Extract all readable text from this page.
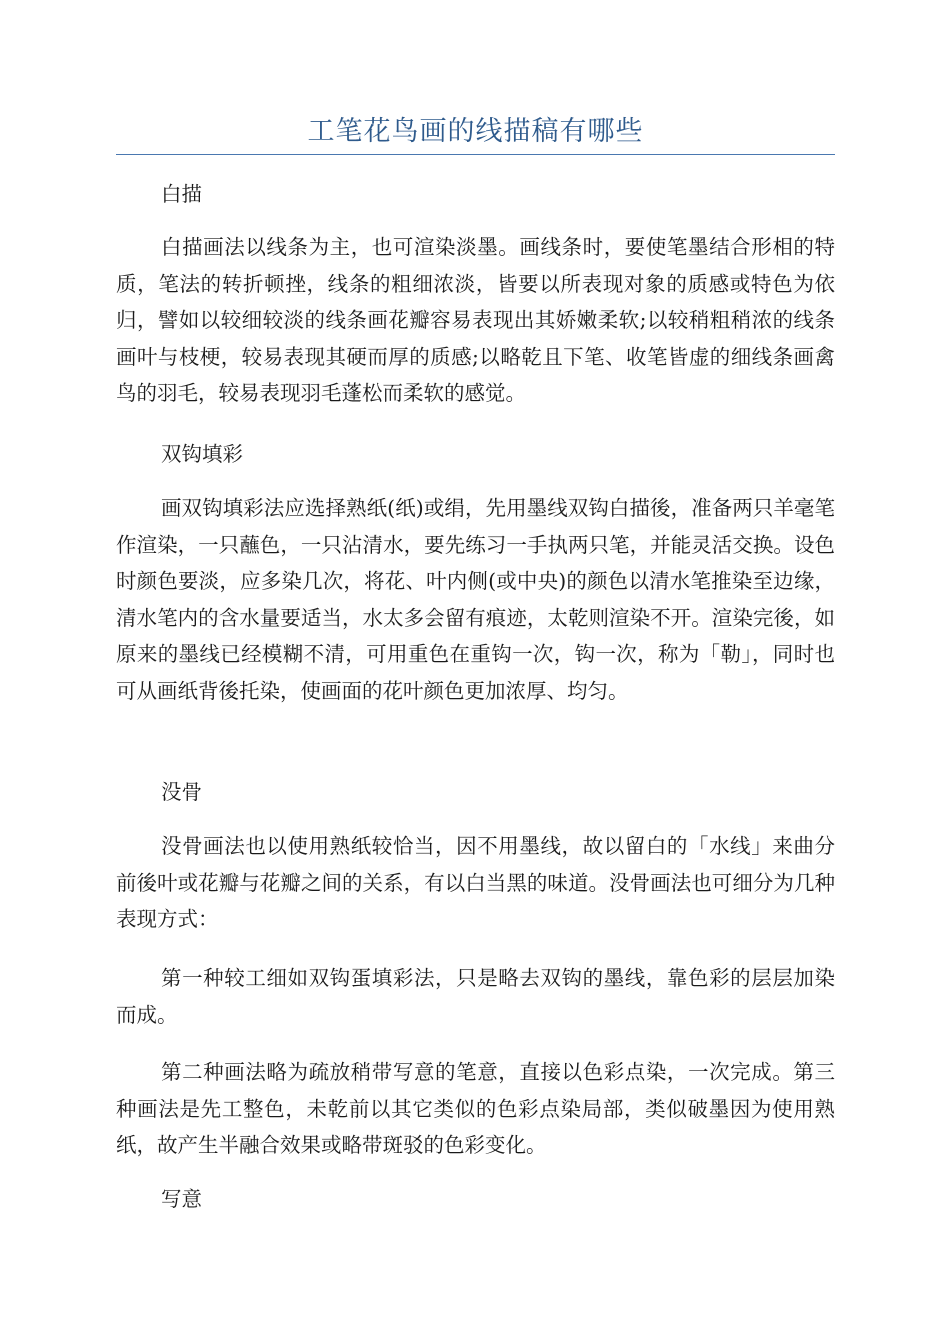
工笔花鸟画的线描稿有哪些
白描
白描画法以线条为主，也可渲染淡墨。画线条时，要使笔墨结合形相的特质，笔法的转折顿挫，线条的粗细浓淡，皆要以所表现对象的质感或特色为依归，譬如以较细较淡的线条画花瓣容易表现出其娇嫩柔软;以较稍粗稍浓的线条画叶与枝梗，较易表现其硬而厚的质感;以略乾且下笔、收笔皆虚的细线条画禽鸟的羽毛，较易表现羽毛蓬松而柔软的感觉。
双钩填彩
画双钩填彩法应选择熟纸(纸)或绢，先用墨线双钩白描後，准备两只羊毫笔作渲染，一只蘸色，一只沾清水，要先练习一手执两只笔，并能灵活交换。设色时颜色要淡，应多染几次，将花、叶内侧(或中央)的颜色以清水笔推染至边缘，清水笔内的含水量要适当，水太多会留有痕迹，太乾则渲染不开。渲染完後，如原来的墨线已经模糊不清，可用重色在重钩一次，钩一次，称为「勒」，同时也可从画纸背後托染，使画面的花叶颜色更加浓厚、均匀。
没骨
没骨画法也以使用熟纸较恰当，因不用墨线，故以留白的「水线」来曲分前後叶或花瓣与花瓣之间的关系，有以白当黑的味道。没骨画法也可细分为几种表现方式：
第一种较工细如双钩蛋填彩法，只是略去双钩的墨线，靠色彩的层层加染而成。
第二种画法略为疏放稍带写意的笔意，直接以色彩点染，一次完成。第三种画法是先工整色，未乾前以其它类似的色彩点染局部，类似破墨因为使用熟纸，故产生半融合效果或略带斑驳的色彩变化。
写意
